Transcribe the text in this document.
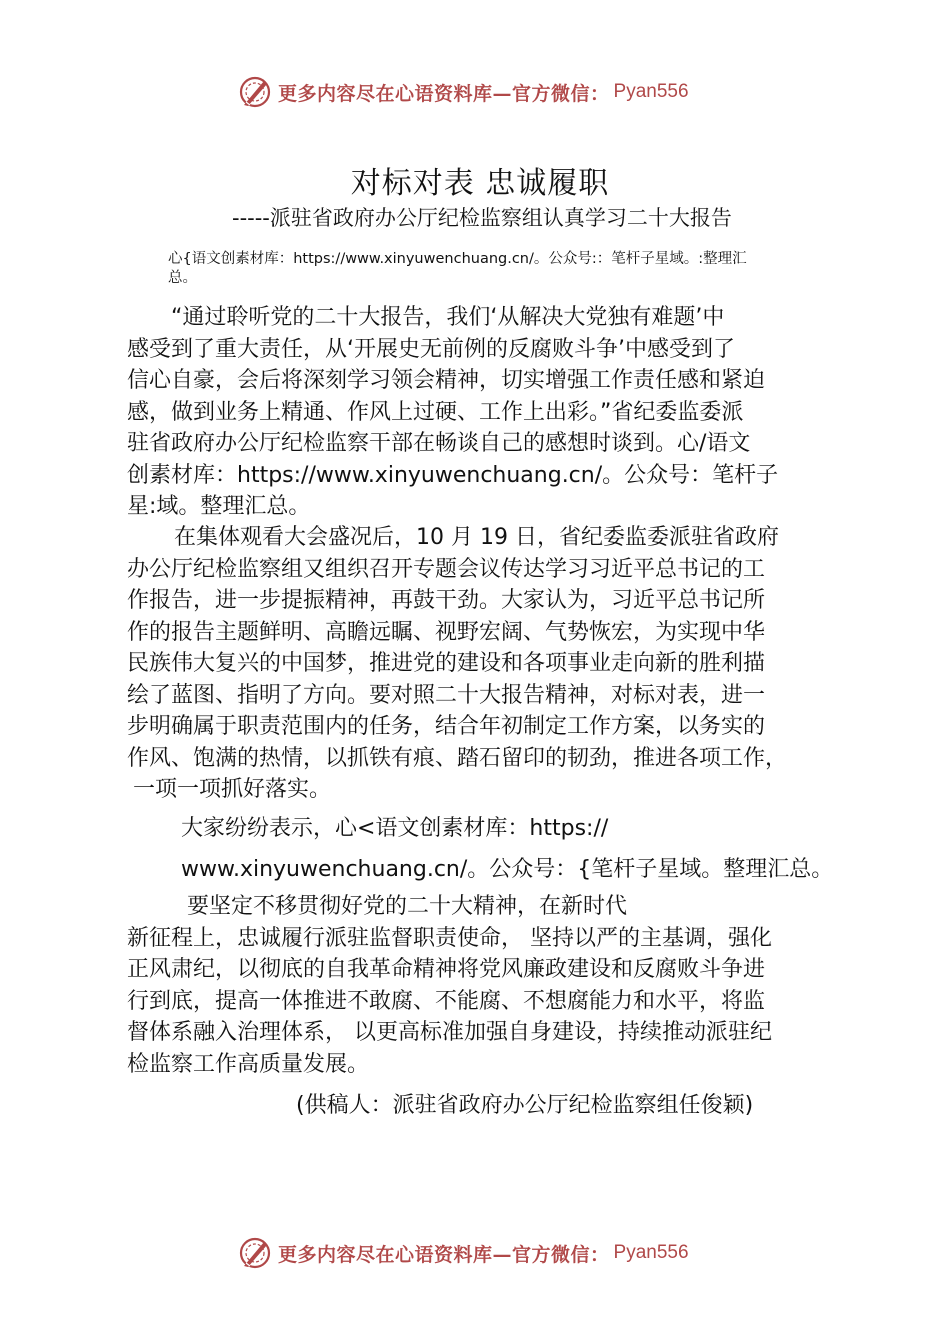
更多内容尽在心语资料库—官方微信： Pyan556
对标对表 忠诚履职
-----派驻省政府办公厅纪检监察组认真学习二十大报告
心{语文创素材库：https://www.xinyuwenchuang.cn/。公众号:：笔杆子星域。:整理汇
总。
“通过聆听党的二十大报告，我们‘从解决大党独有难题’中
感受到了重大责任，从‘开展史无前例的反腐败斗争’中感受到了
信心自豪，会后将深刻学习领会精神，切实增强工作责任感和紧迫
感，做到业务上精通、作风上过硬、工作上出彩。”省纪委监委派
驻省政府办公厅纪检监察干部在畅谈自己的感想时谈到。心/语文
创素材库：https://www.xinyuwenchuang.cn/。公众号：笔杆子
星:域。整理汇总。
在集体观看大会盛况后，10 月 19 日，省纪委监委派驻省政府
办公厅纪检监察组又组织召开专题会议传达学习习近平总书记的工
作报告，进一步提振精神，再鼓干劲。大家认为，习近平总书记所
作的报告主题鲜明、高瞻远瞩、视野宏阔、气势恢宏，为实现中华
民族伟大复兴的中国梦，推进党的建设和各项事业走向新的胜利描
绘了蓝图、指明了方向。要对照二十大报告精神，对标对表，进一
步明确属于职责范围内的任务，结合年初制定工作方案，以务实的
作风、饱满的热情，以抓铁有痕、踏石留印的韧劲，推进各项工作，
一项一项抓好落实。
大家纷纷表示，心<语文创素材库：https://
www.xinyuwenchuang.cn/。公众号：{笔杆子星域。整理汇总。
要坚定不移贯彻好党的二十大精神，在新时代
新征程上，忠诚履行派驻监督职责使命， 坚持以严的主基调，强化
正风肃纪，以彻底的自我革命精神将党风廉政建设和反腐败斗争进
行到底，提高一体推进不敢腐、不能腐、不想腐能力和水平，将监
督体系融入治理体系， 以更高标准加强自身建设，持续推动派驻纪
检监察工作高质量发展。
(供稿人：派驻省政府办公厅纪检监察组任俊颖)
更多内容尽在心语资料库—官方微信： Pyan556
